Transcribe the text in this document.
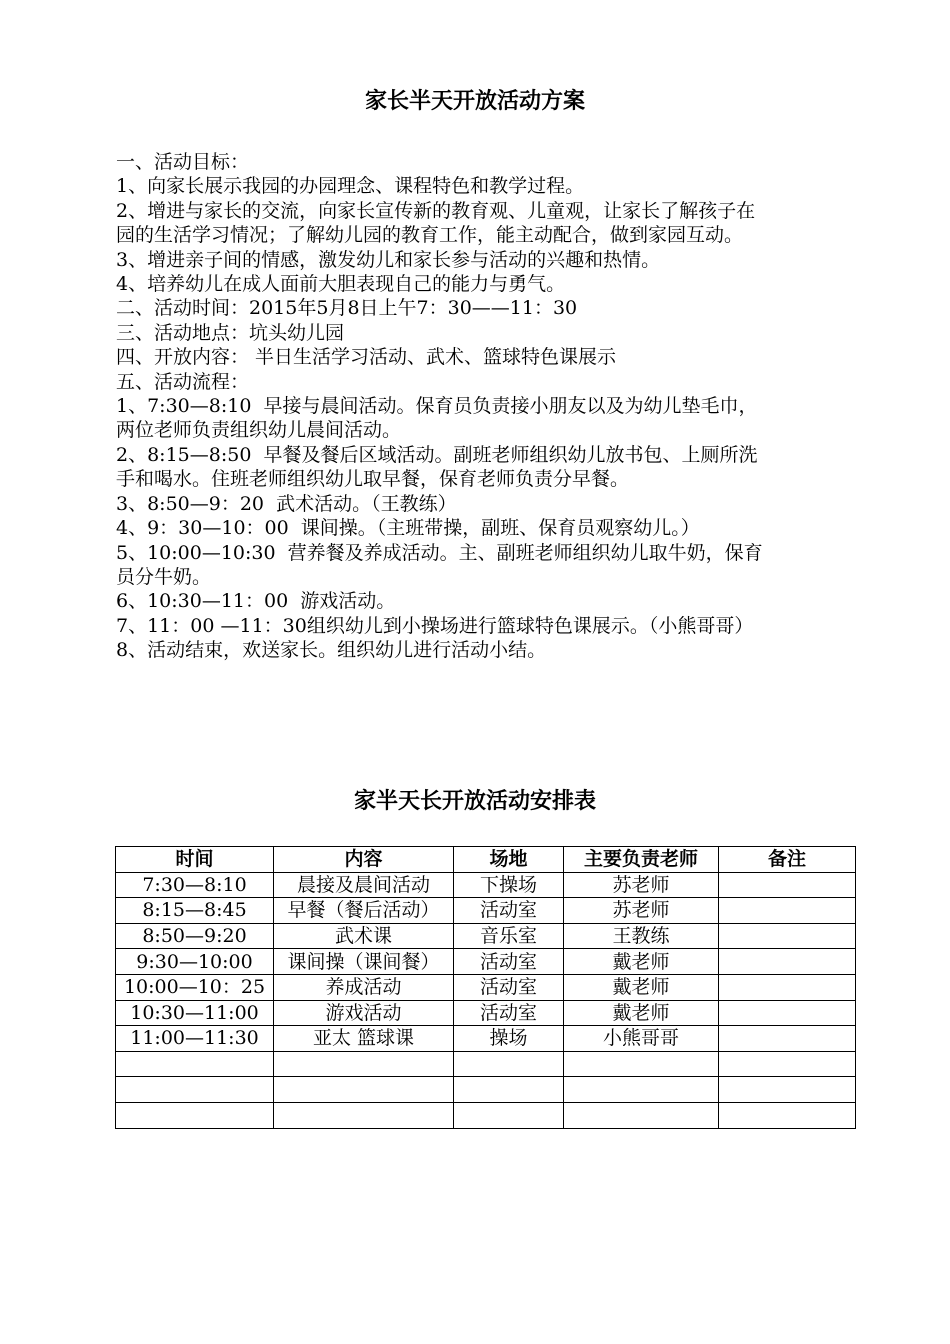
家长半天开放活动方案
一、活动目标：
1、向家长展示我园的办园理念、课程特色和教学过程。
2、增进与家长的交流，向家长宣传新的教育观、儿童观，让家长了解孩子在
园的生活学习情况；了解幼儿园的教育工作，能主动配合，做到家园互动。
3、增进亲子间的情感，激发幼儿和家长参与活动的兴趣和热情。
4、培养幼儿在成人面前大胆表现自己的能力与勇气。
二、活动时间：2015年5月8日上午7：30——11：30
三、活动地点：坑头幼儿园
四、开放内容： 半日生活学习活动、武术、篮球特色课展示
五、活动流程：
1、7:30—8:10  早接与晨间活动。保育员负责接小朋友以及为幼儿垫毛巾，
两位老师负责组织幼儿晨间活动。
2、8:15—8:50  早餐及餐后区域活动。副班老师组织幼儿放书包、上厕所洗
手和喝水。住班老师组织幼儿取早餐，保育老师负责分早餐。
3、8:50—9：20  武术活动。（王教练）
4、9：30—10：00  课间操。（主班带操，副班、保育员观察幼儿。）
5、10:00—10:30  营养餐及养成活动。主、副班老师组织幼儿取牛奶，保育
员分牛奶。
6、10:30—11：00  游戏活动。
7、11：00 —11：30组织幼儿到小操场进行篮球特色课展示。（小熊哥哥）
8、活动结束，欢送家长。组织幼儿进行活动小结。
家半天长开放活动安排表
时间	内容	场地	主要负责老师	备注
7:30—8:10	晨接及晨间活动	下操场	苏老师	
8:15—8:45	早餐（餐后活动）	活动室	苏老师	
8:50—9:20	武术课	音乐室	王教练	
9:30—10:00	课间操（课间餐）	活动室	戴老师	
10:00—10：25	养成活动	活动室	戴老师	
10:30—11:00	游戏活动	活动室	戴老师	
11:00—11:30	亚太 篮球课	操场	小熊哥哥	
